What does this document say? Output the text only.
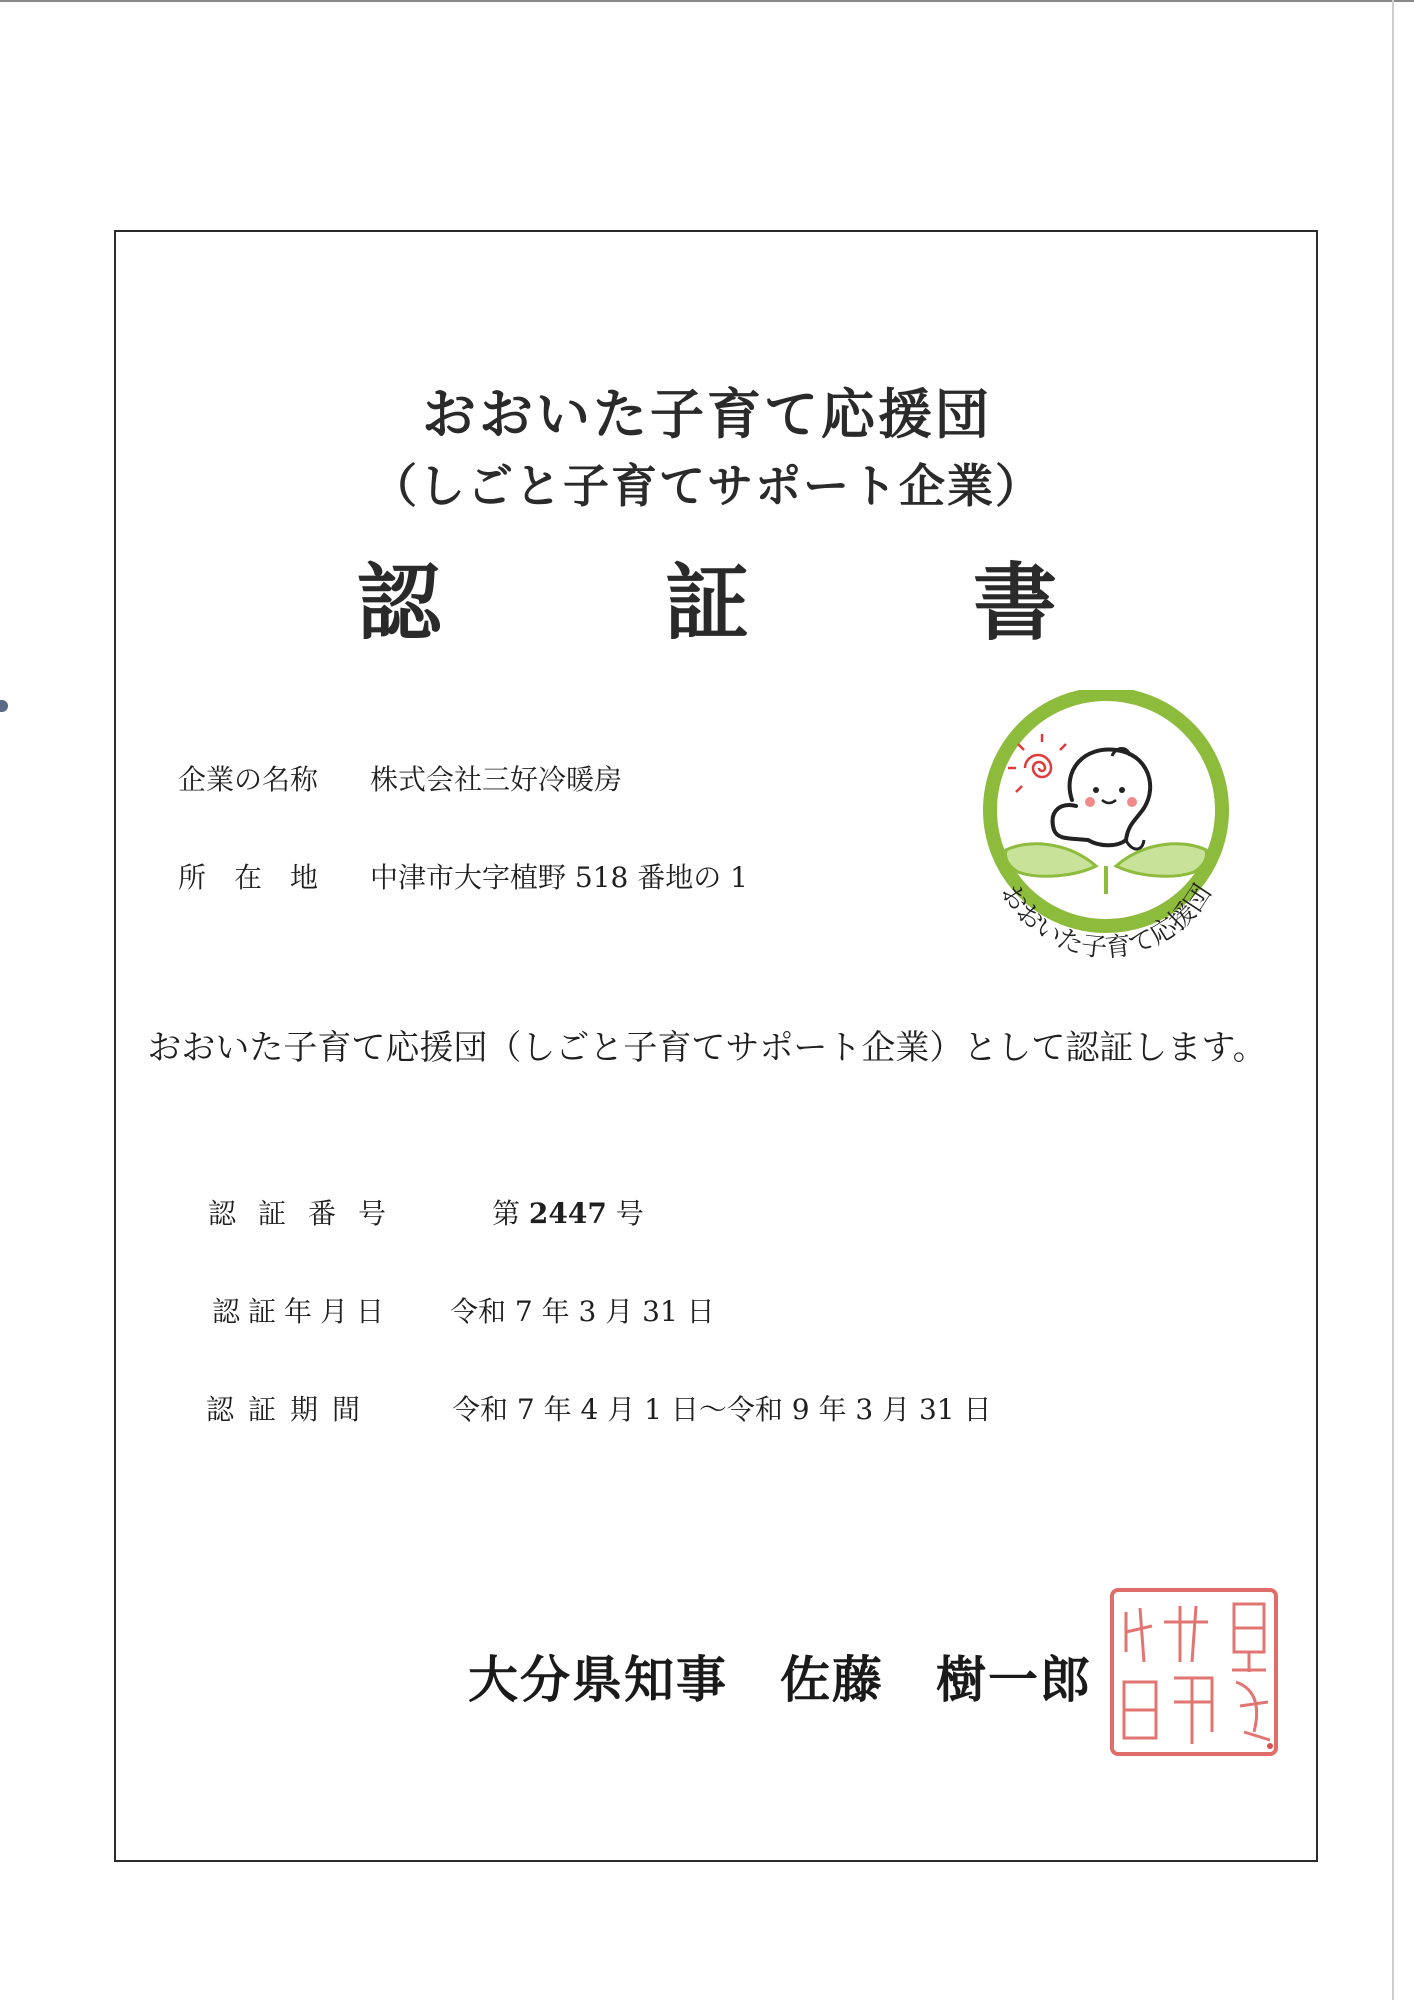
おおいた子育て応援団
（しごと子育てサポート企業）
認　証　書
企業の名称 株式会社三好冷暖房
所　在　地 中津市大字植野 518 番地の 1
おおいた子育て応援団
おおいた子育て応援団（しごと子育てサポート企業）として認証します。
認証番号	第 2447 号
認証年月日 令和 7 年 3 月 31 日
認証期間	令和 7 年 4 月 1 日～令和 9 年 3 月 31 日
大分県知事　佐藤　樹一郎
